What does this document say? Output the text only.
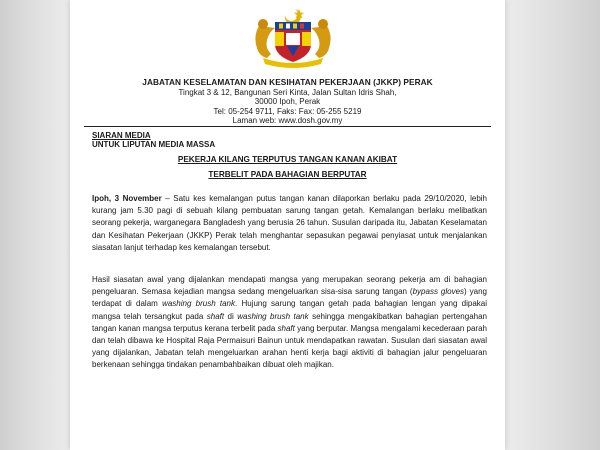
JABATAN KESELAMATAN DAN KESIHATAN PEKERJAAN (JKKP) PERAK
Tingkat 3 & 12, Bangunan Seri Kinta, Jalan Sultan Idris Shah,
30000 Ipoh, Perak
Tel: 05-254 9711, Faks: Fax: 05-255 5219
Laman web: www.dosh.gov.my
SIARAN MEDIA
UNTUK LIPUTAN MEDIA MASSA
PEKERJA KILANG TERPUTUS TANGAN KANAN AKIBAT
TERBELIT PADA BAHAGIAN BERPUTAR
Ipoh, 3 November – Satu kes kemalangan putus tangan kanan dilaporkan berlaku pada 29/10/2020, lebih kurang jam 5.30 pagi di sebuah kilang pembuatan sarung tangan getah. Kemalangan berlaku melibatkan seorang pekerja, warganegara Bangladesh yang berusia 26 tahun. Susulan daripada itu, Jabatan Keselamatan dan Kesihatan Pekerjaan (JKKP) Perak telah menghantar sepasukan pegawai penyiasat untuk menjalankan siasatan lanjut terhadap kes kemalangan tersebut.
Hasil siasatan awal yang dijalankan mendapati mangsa yang merupakan seorang pekerja am di bahagian pengeluaran. Semasa kejadian mangsa sedang mengeluarkan sisa-sisa sarung tangan (bypass gloves) yang terdapat di dalam washing brush tank. Hujung sarung tangan getah pada bahagian lengan yang dipakai mangsa telah tersangkut pada shaft di washing brush tank sehingga mengakibatkan bahagian pertengahan tangan kanan mangsa terputus kerana terbelit pada shaft yang berputar. Mangsa mengalami kecederaan parah dan telah dibawa ke Hospital Raja Permaisuri Bainun untuk mendapatkan rawatan. Susulan dari siasatan awal yang dijalankan, Jabatan telah mengeluarkan arahan henti kerja bagi aktiviti di bahagian jalur pengeluaran berkenaan sehingga tindakan penambahbaikan dibuat oleh majikan.
